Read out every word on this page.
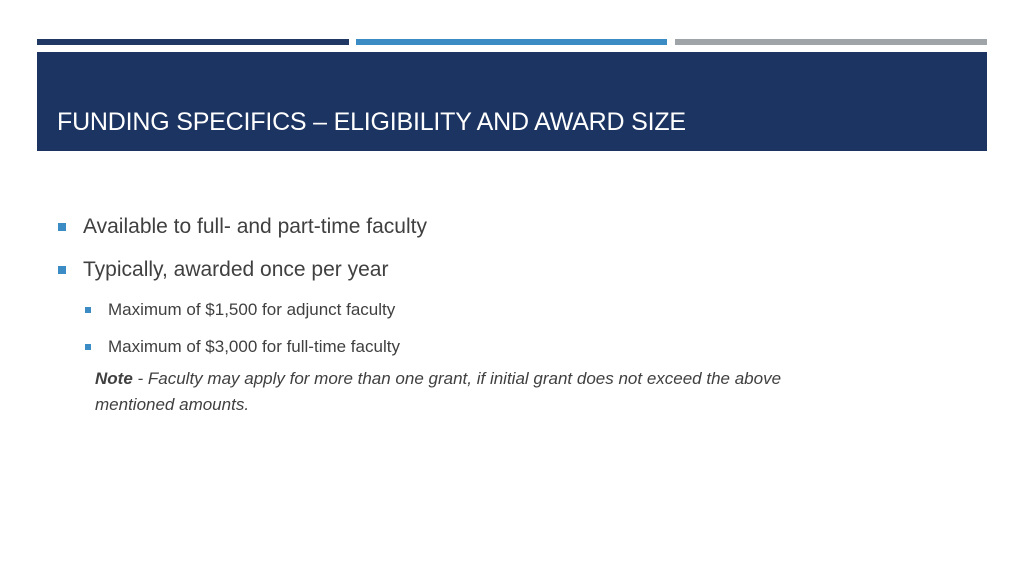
FUNDING SPECIFICS – ELIGIBILITY AND AWARD SIZE
Available to full- and part-time faculty
Typically, awarded once per year
Maximum of $1,500 for adjunct faculty
Maximum of $3,000 for full-time faculty
Note - Faculty may apply for more than one grant, if initial grant does not exceed the above mentioned amounts.
